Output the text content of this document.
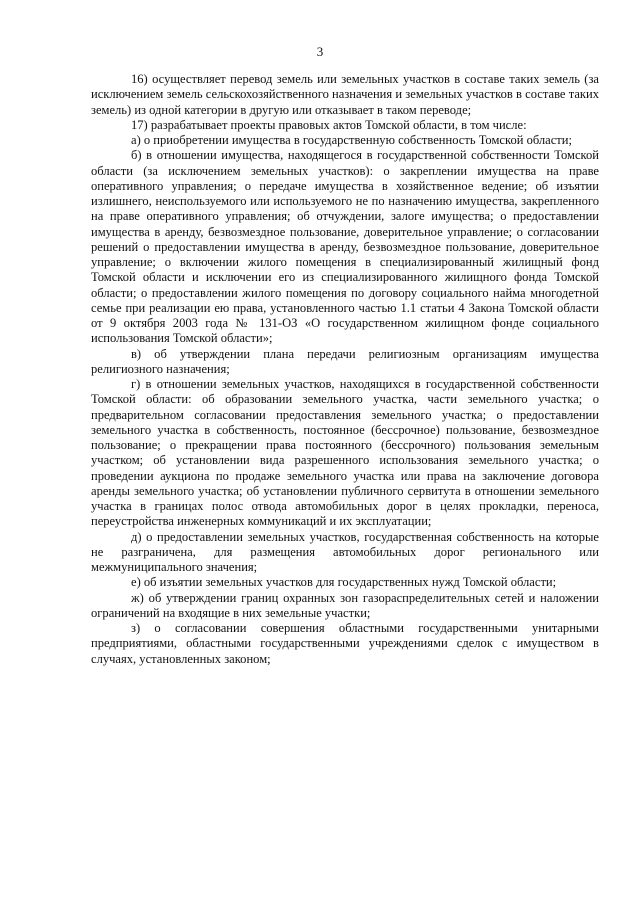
3

16) осуществляет перевод земель или земельных участков в составе таких земель (за исключением земель сельскохозяйственного назначения и земельных участков в составе таких земель) из одной категории в другую или отказывает в таком переводе;

17) разрабатывает проекты правовых актов Томской области, в том числе:

а) о приобретении имущества в государственную собственность Томской области;

б) в отношении имущества, находящегося в государственной собственности Томской области (за исключением земельных участков): о закреплении имущества на праве оперативного управления; о передаче имущества в хозяйственное ведение; об изъятии излишнего, неиспользуемого или используемого не по назначению имущества, закрепленного на праве оперативного управления; об отчуждении, залоге имущества; о предоставлении имущества в аренду, безвозмездное пользование, доверительное управление; о согласовании решений о предоставлении имущества в аренду, безвозмездное пользование, доверительное управление; о включении жилого помещения в специализированный жилищный фонд Томской области и исключении его из специализированного жилищного фонда Томской области; о предоставлении жилого помещения по договору социального найма многодетной семье при реализации ею права, установленного частью 1.1 статьи 4 Закона Томской области от 9 октября 2003 года № 131-ОЗ «О государственном жилищном фонде социального использования Томской области»;

в) об утверждении плана передачи религиозным организациям имущества религиозного назначения;

г) в отношении земельных участков, находящихся в государственной собственности Томской области: об образовании земельного участка, части земельного участка; о предварительном согласовании предоставления земельного участка; о предоставлении земельного участка в собственность, постоянное (бессрочное) пользование, безвозмездное пользование; о прекращении права постоянного (бессрочного) пользования земельным участком; об установлении вида разрешенного использования земельного участка; о проведении аукциона по продаже земельного участка или права на заключение договора аренды земельного участка; об установлении публичного сервитута в отношении земельного участка в границах полос отвода автомобильных дорог в целях прокладки, переноса, переустройства инженерных коммуникаций и их эксплуатации;

д) о предоставлении земельных участков, государственная собственность на которые не разграничена, для размещения автомобильных дорог регионального или межмуниципального значения;

е) об изъятии земельных участков для государственных нужд Томской области;

ж) об утверждении границ охранных зон газораспределительных сетей и наложении ограничений на входящие в них земельные участки;

з) о согласовании совершения областными государственными унитарными предприятиями, областными государственными учреждениями сделок с имуществом в случаях, установленных законом;
